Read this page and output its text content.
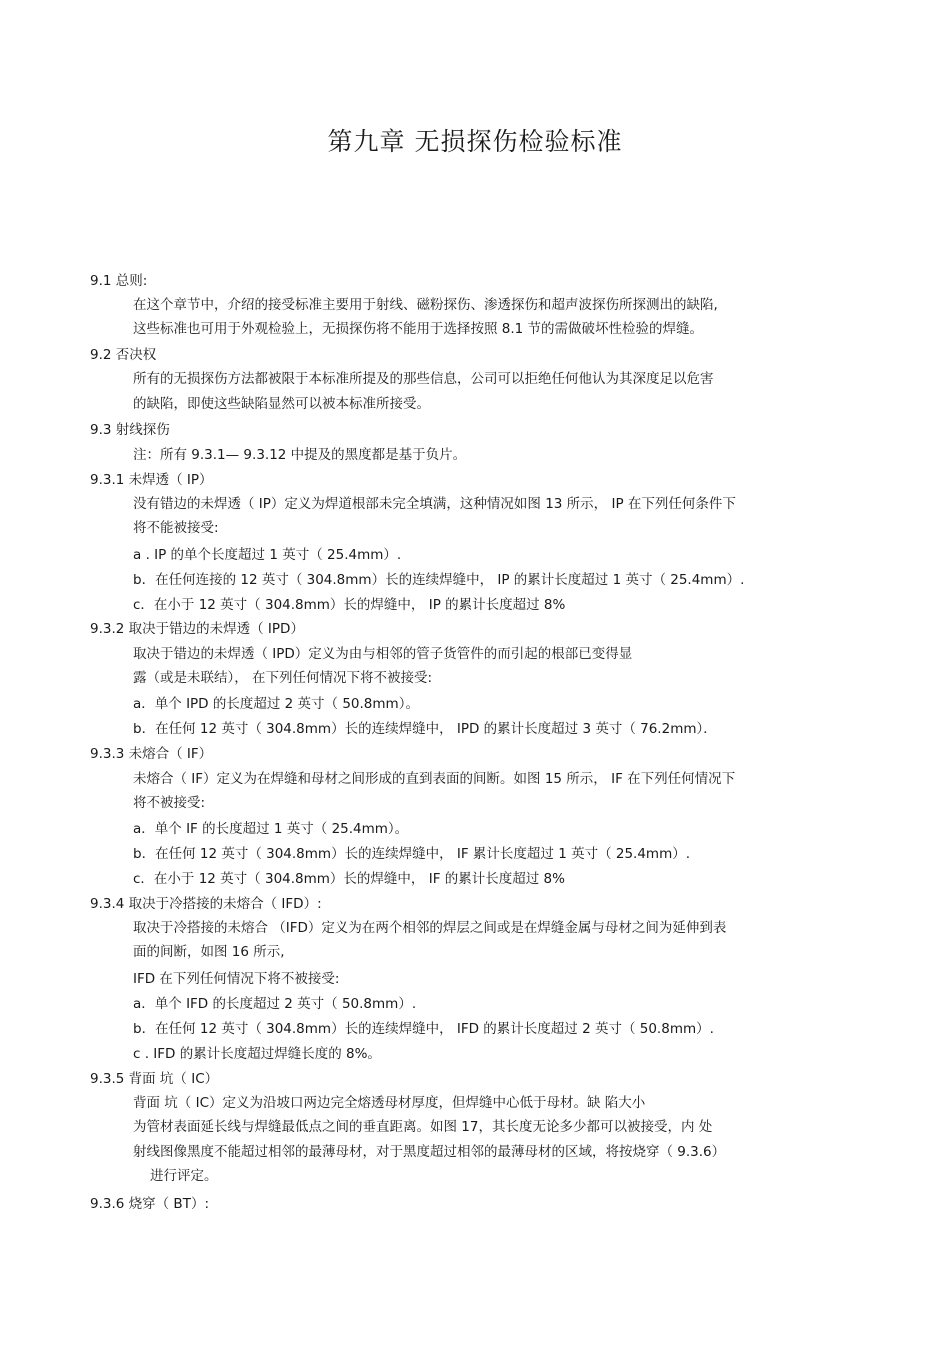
第九章 无损探伤检验标准
9.1 总则:
在这个章节中，介绍的接受标准主要用于射线、磁粉探伤、渗透探伤和超声波探伤所探测出的缺陷,
这些标准也可用于外观检验上，无损探伤将不能用于选择按照 8.1 节的需做破坏性检验的焊缝。
9.2 否决权
所有的无损探伤方法都被限于本标准所提及的那些信息，公司可以拒绝任何他认为其深度足以危害
的缺陷，即使这些缺陷显然可以被本标准所接受。
9.3 射线探伤
注：所有 9.3.1— 9.3.12 中提及的黑度都是基于负片。
9.3.1 未焊透（ IP）
没有错边的未焊透（ IP）定义为焊道根部未完全填满，这种情况如图 13 所示， IP 在下列任何条件下
将不能被接受:
a . IP 的单个长度超过 1 英寸（ 25.4mm）.
b．在任何连接的 12 英寸（ 304.8mm）长的连续焊缝中， IP 的累计长度超过 1 英寸（ 25.4mm）.
c．在小于 12 英寸（ 304.8mm）长的焊缝中， IP 的累计长度超过 8%
9.3.2 取决于错边的未焊透（ IPD）
取决于错边的未焊透（ IPD）定义为由与相邻的管子货管件的而引起的根部已变得显
露（或是未联结）， 在下列任何情况下将不被接受:
a．单个 IPD 的长度超过 2 英寸（ 50.8mm）。
b．在任何 12 英寸（ 304.8mm）长的连续焊缝中， IPD 的累计长度超过 3 英寸（ 76.2mm）．
9.3.3 未熔合（ IF）
未熔合（ IF）定义为在焊缝和母材之间形成的直到表面的间断。如图 15 所示， IF 在下列任何情况下
将不被接受:
a．单个 IF 的长度超过 1 英寸（ 25.4mm）。
b．在任何 12 英寸（ 304.8mm）长的连续焊缝中， IF 累计长度超过 1 英寸（ 25.4mm）.
c．在小于 12 英寸（ 304.8mm）长的焊缝中， IF 的累计长度超过 8%
9.3.4 取决于冷搭接的未熔合（ IFD）:
取决于冷搭接的未熔合 （IFD）定义为在两个相邻的焊层之间或是在焊缝金属与母材之间为延伸到表
面的间断，如图 16 所示,
IFD 在下列任何情况下将不被接受:
a．单个 IFD 的长度超过 2 英寸（ 50.8mm）.
b．在任何 12 英寸（ 304.8mm）长的连续焊缝中， IFD 的累计长度超过 2 英寸（ 50.8mm）.
c . IFD 的累计长度超过焊缝长度的 8%。
9.3.5 背面 坑（ IC）
背面 坑（ IC）定义为沿坡口两边完全熔透母材厚度，但焊缝中心低于母材。缺 陷大小
为管材表面延长线与焊缝最低点之间的垂直距离。如图 17，其长度无论多少都可以被接受，内 处
射线图像黑度不能超过相邻的最薄母材，对于黑度超过相邻的最薄母材的区域，将按烧穿（ 9.3.6）
进行评定。
9.3.6 烧穿（ BT）:
